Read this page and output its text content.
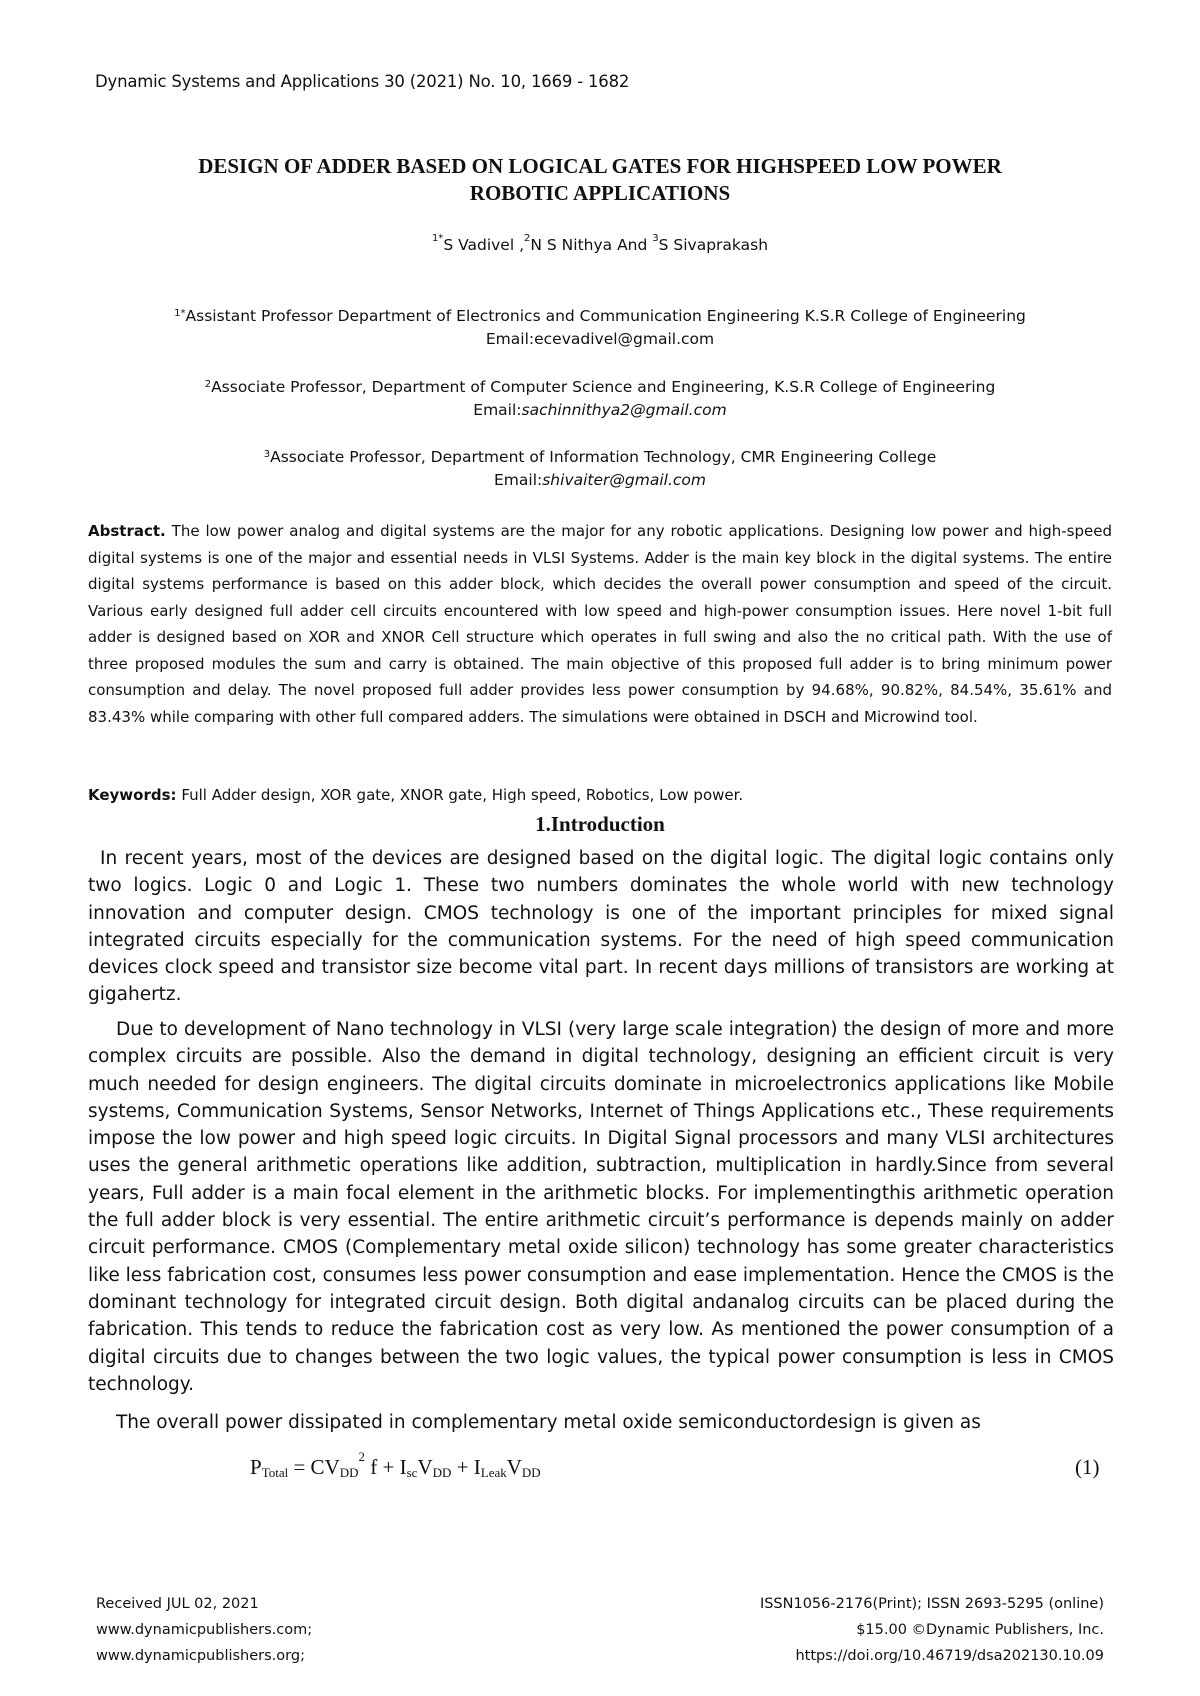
Dynamic Systems and Applications 30 (2021) No. 10, 1669 - 1682
DESIGN OF ADDER BASED ON LOGICAL GATES FOR HIGHSPEED LOW POWER
ROBOTIC APPLICATIONS
$^{1*}$S Vadivel ,$^2$N S Nithya And $^3$S Sivaprakash
$^{1*}$Assistant Professor Department of Electronics and Communication Engineering K.S.R College of Engineering
Email:ecevadivel@gmail.com
$^2$Associate Professor, Department of Computer Science and Engineering, K.S.R College of Engineering
Email:sachinnithya2@gmail.com
$^3$Associate Professor, Department of Information Technology, CMR Engineering College
Email:shivaiter@gmail.com
Abstract. The low power analog and digital systems are the major for any robotic applications. Designing low power and high-speed digital systems is one of the major and essential needs in VLSI Systems. Adder is the main key block in the digital systems. The entire digital systems performance is based on this adder block, which decides the overall power consumption and speed of the circuit. Various early designed full adder cell circuits encountered with low speed and high-power consumption issues. Here novel 1-bit full adder is designed based on XOR and XNOR Cell structure which operates in full swing and also the no critical path. With the use of three proposed modules the sum and carry is obtained. The main objective of this proposed full adder is to bring minimum power consumption and delay. The novel proposed full adder provides less power consumption by 94.68%, 90.82%, 84.54%, 35.61% and 83.43% while comparing with other full compared adders. The simulations were obtained in DSCH and Microwind tool.
Keywords: Full Adder design, XOR gate, XNOR gate, High speed, Robotics, Low power.
1.Introduction
In recent years, most of the devices are designed based on the digital logic. The digital logic contains only two logics. Logic 0 and Logic 1. These two numbers dominates the whole world with new technology innovation and computer design. CMOS technology is one of the important principles for mixed signal integrated circuits especially for the communication systems. For the need of high speed communication devices clock speed and transistor size become vital part. In recent days millions of transistors are working at gigahertz.
Due to development of Nano technology in VLSI (very large scale integration) the design of more and more complex circuits are possible. Also the demand in digital technology, designing an efficient circuit is very much needed for design engineers. The digital circuits dominate in microelectronics applications like Mobile systems, Communication Systems, Sensor Networks, Internet of Things Applications etc., These requirements impose the low power and high speed logic circuits. In Digital Signal processors and many VLSI architectures uses the general arithmetic operations like addition, subtraction, multiplication in hardly.Since from several years, Full adder is a main focal element in the arithmetic blocks. For implementingthis arithmetic operation the full adder block is very essential. The entire arithmetic circuit’s performance is depends mainly on adder circuit performance. CMOS (Complementary metal oxide silicon) technology has some greater characteristics like less fabrication cost, consumes less power consumption and ease implementation. Hence the CMOS is the dominant technology for integrated circuit design. Both digital andanalog circuits can be placed during the fabrication. This tends to reduce the fabrication cost as very low. As mentioned the power consumption of a digital circuits due to changes between the two logic values, the typical power consumption is less in CMOS technology.
The overall power dissipated in complementary metal oxide semiconductordesign is given as
$P_{Total} = CV_{DD}^2$ $f + I_{sc}V_{DD} + I_{Leak}V_{DD}$	(1)
Received JUL 02, 2021
www.dynamicpublishers.com;
www.dynamicpublishers.org;
ISSN1056-2176(Print); ISSN 2693-5295 (online)
$15.00 ©Dynamic Publishers, Inc.
https://doi.org/10.46719/dsa202130.10.09
